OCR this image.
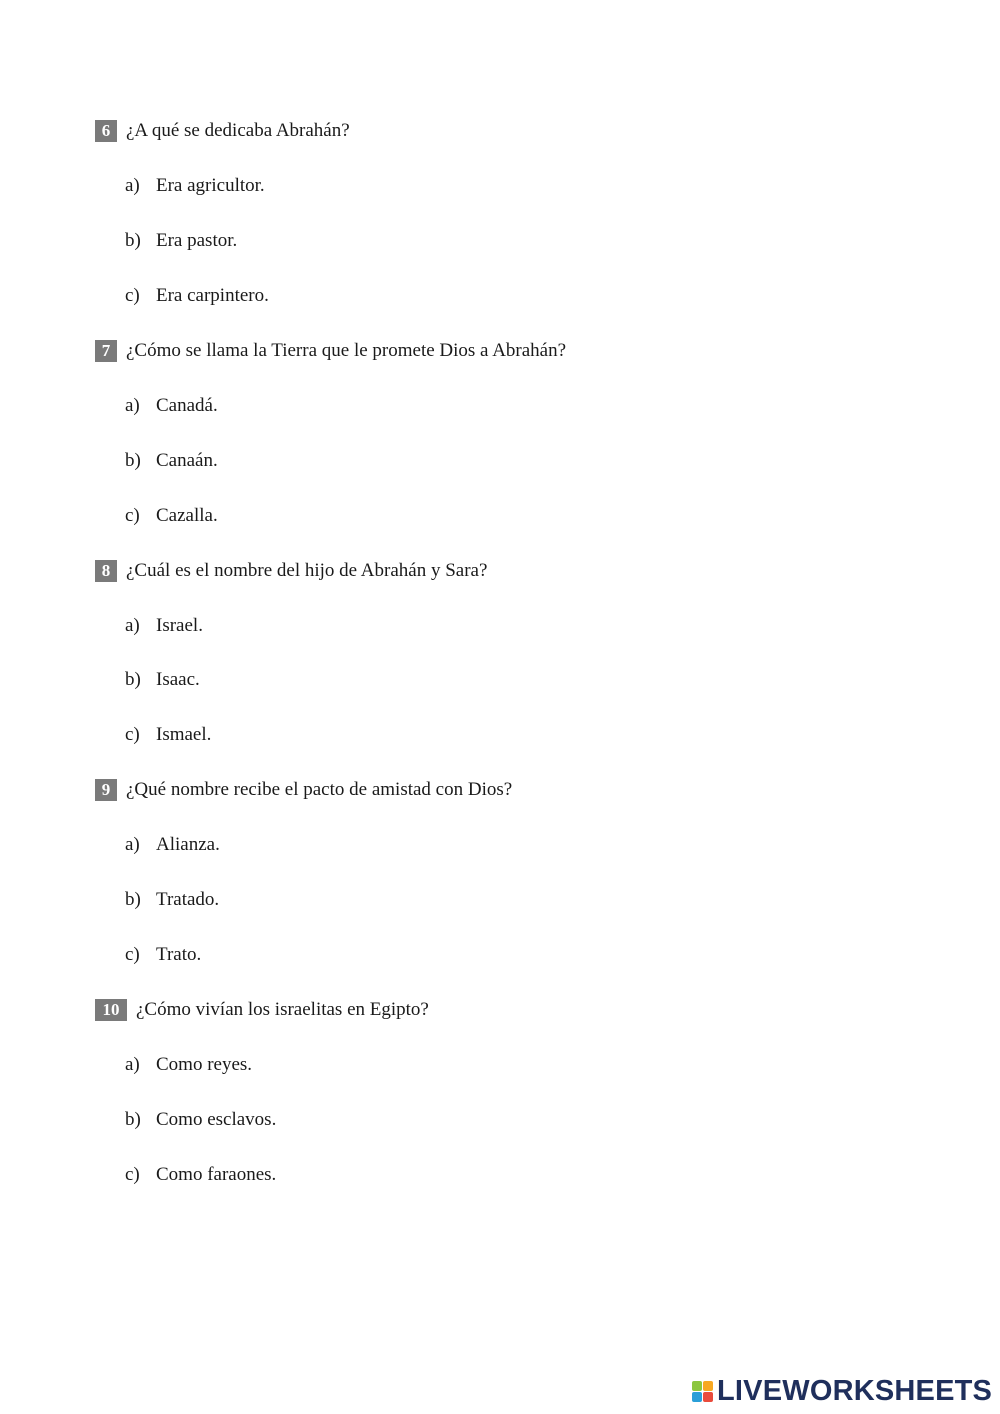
6 ¿A qué se dedicaba Abrahán?
a) Era agricultor.
b) Era pastor.
c) Era carpintero.
7 ¿Cómo se llama la Tierra que le promete Dios a Abrahán?
a) Canadá.
b) Canaán.
c) Cazalla.
8 ¿Cuál es el nombre del hijo de Abrahán y Sara?
a) Israel.
b) Isaac.
c) Ismael.
9 ¿Qué nombre recibe el pacto de amistad con Dios?
a) Alianza.
b) Tratado.
c) Trato.
10 ¿Cómo vivían los israelitas en Egipto?
a) Como reyes.
b) Como esclavos.
c) Como faraones.
LIVEWORKSHEETS
